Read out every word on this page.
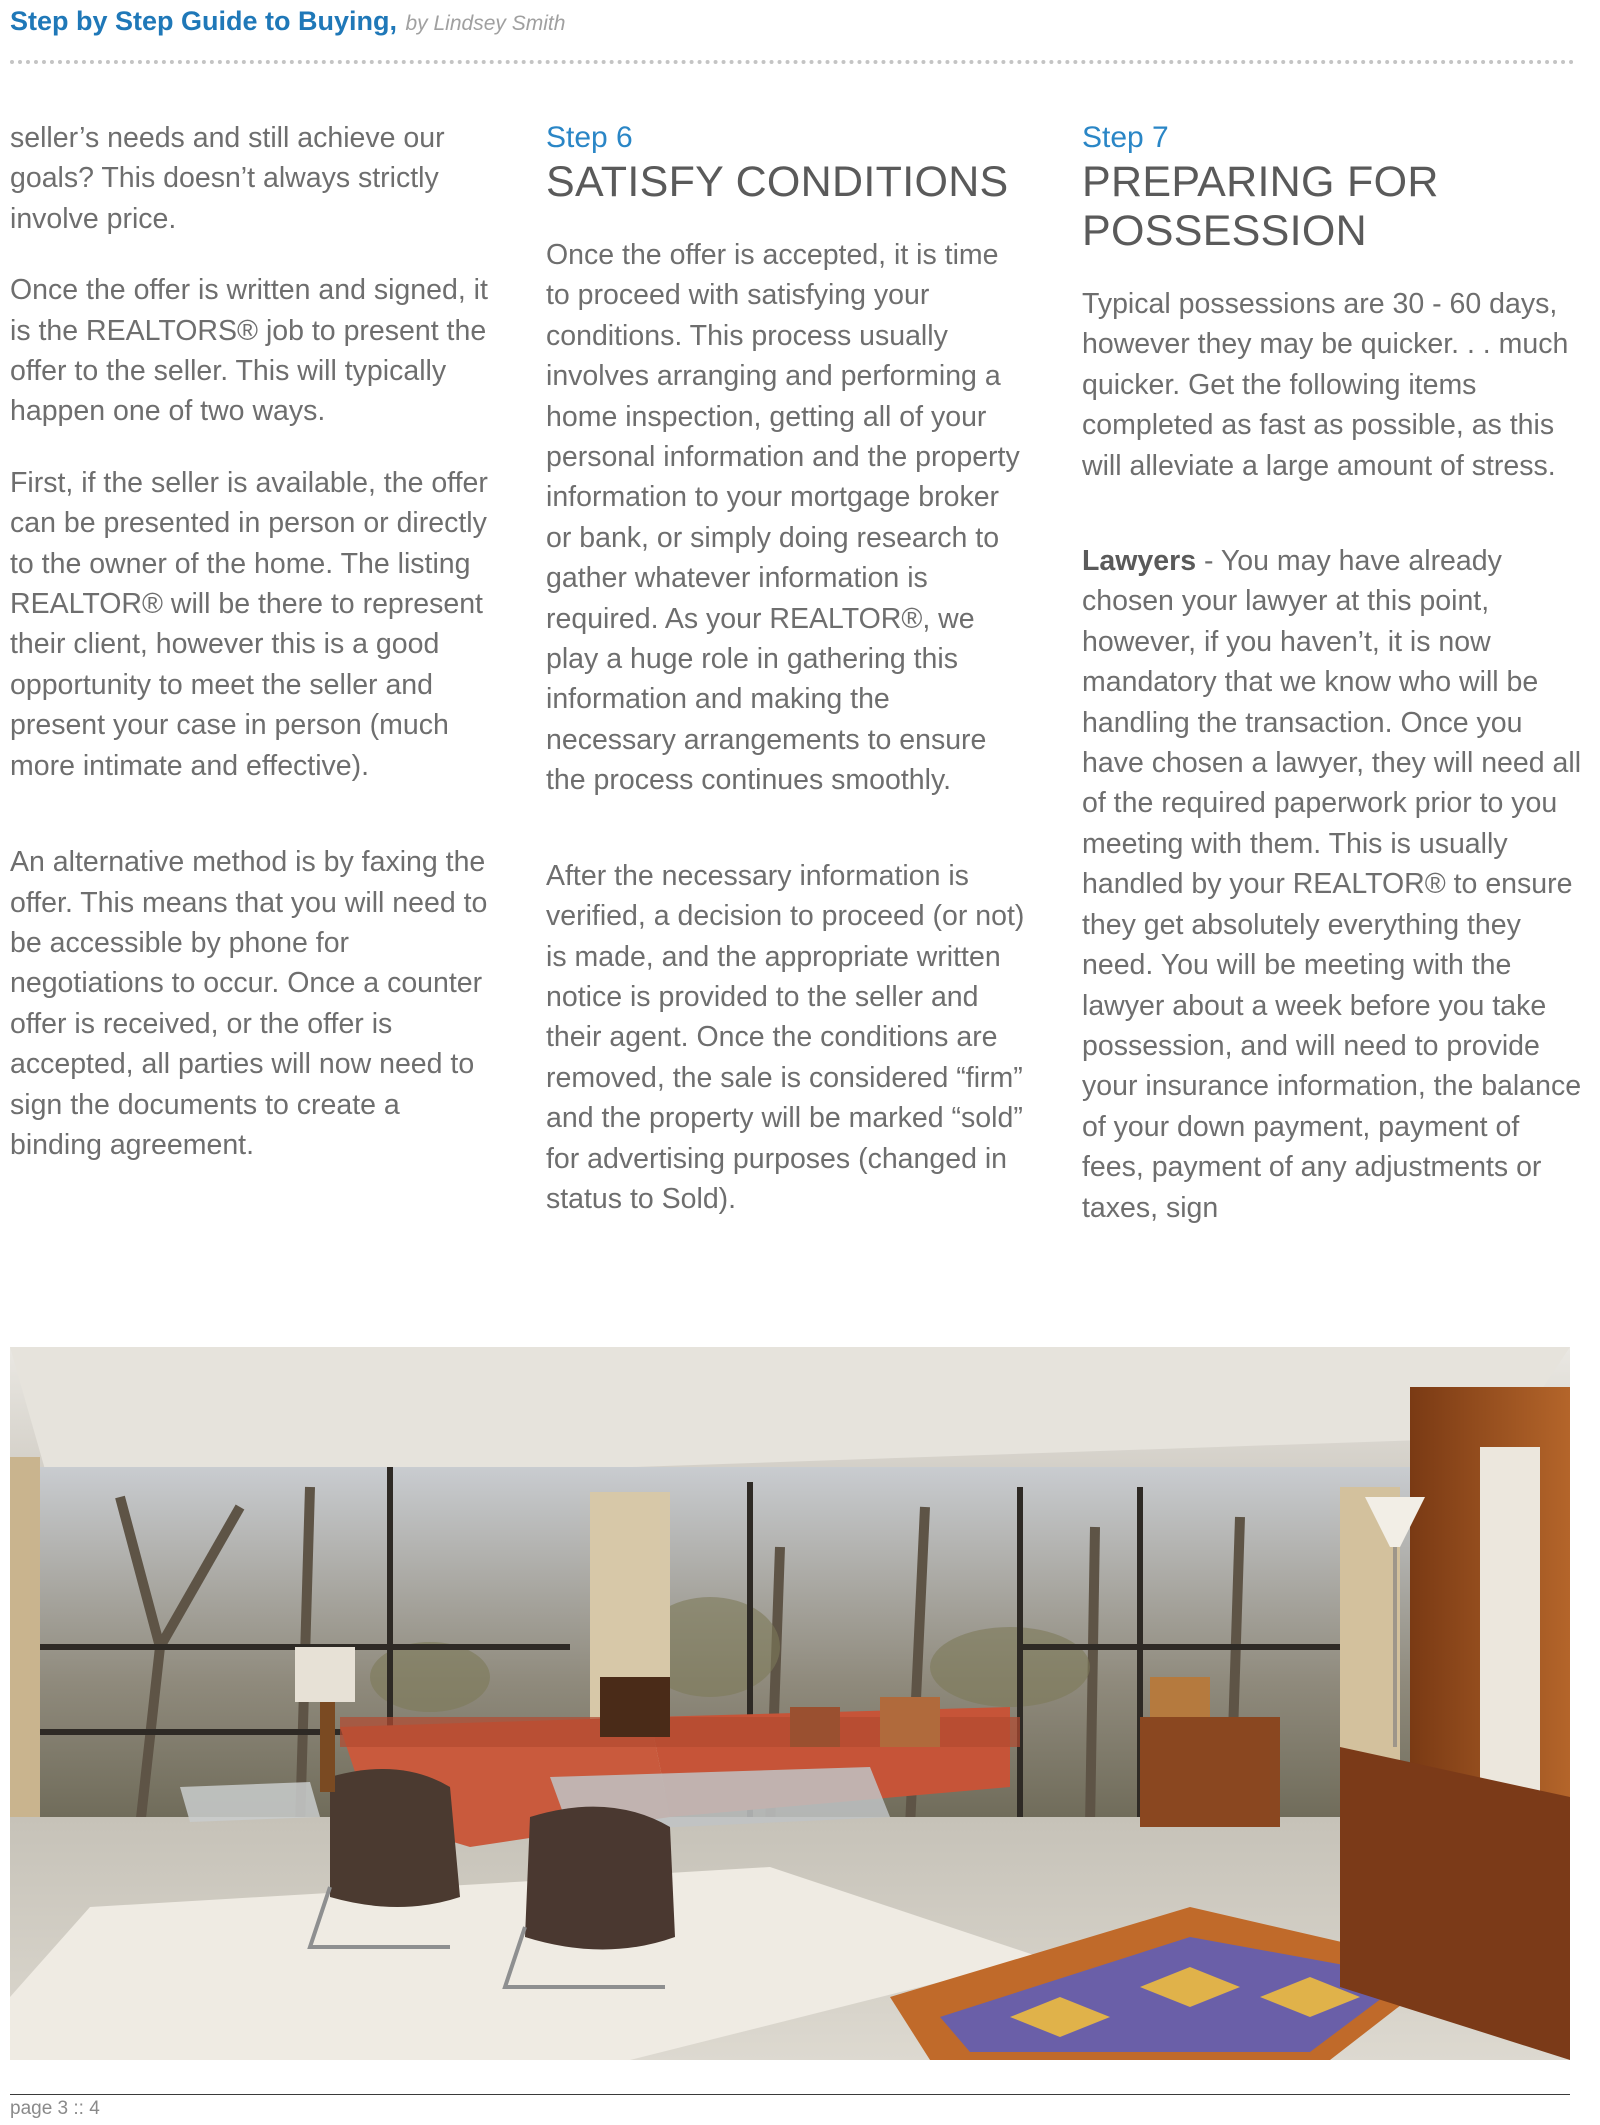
Step by Step Guide to Buying, by Lindsey Smith

seller’s needs and still achieve our goals? This doesn’t always strictly involve price.

Once the offer is written and signed, it is the REALTORS® job to present the offer to the seller. This will typically happen one of two ways.

First, if the seller is available, the offer can be presented in person or directly to the owner of the home. The listing REALTOR® will be there to represent their client, however this is a good opportunity to meet the seller and present your case in person (much more intimate and effective).

An alternative method is by faxing the offer. This means that you will need to be accessible by phone for negotiations to occur. Once a counter offer is received, or the offer is accepted, all parties will now need to sign the documents to create a binding agreement.

Step 6

SATISFY CONDITIONS

Once the offer is accepted, it is time to proceed with satisfying your conditions. This process usually involves arranging and performing a home inspection, getting all of your personal information and the property information to your mortgage broker or bank, or simply doing research to gather whatever information is required. As your REALTOR®, we play a huge role in gathering this information and making the necessary arrangements to ensure the process continues smoothly.

After the necessary information is verified, a decision to proceed (or not) is made, and the appropriate written notice is provided to the seller and their agent. Once the conditions are removed, the sale is considered “firm” and the property will be marked “sold” for advertising purposes (changed in status to Sold).

Step 7

PREPARING FOR POSSESSION

Typical possessions are 30 - 60 days, however they may be quicker. . . much quicker. Get the following items completed as fast as possible, as this will alleviate a large amount of stress.

Lawyers - You may have already chosen your lawyer at this point, however, if you haven’t, it is now mandatory that we know who will be handling the transaction. Once you have chosen a lawyer, they will need all of the required paperwork prior to you meeting with them. This is usually handled by your REALTOR® to ensure they get absolutely everything they need. You will be meeting with the lawyer about a week before you take possession, and will need to provide your insurance information, the balance of your down payment, payment of fees, payment of any adjustments or taxes, sign

page 3 :: 4
